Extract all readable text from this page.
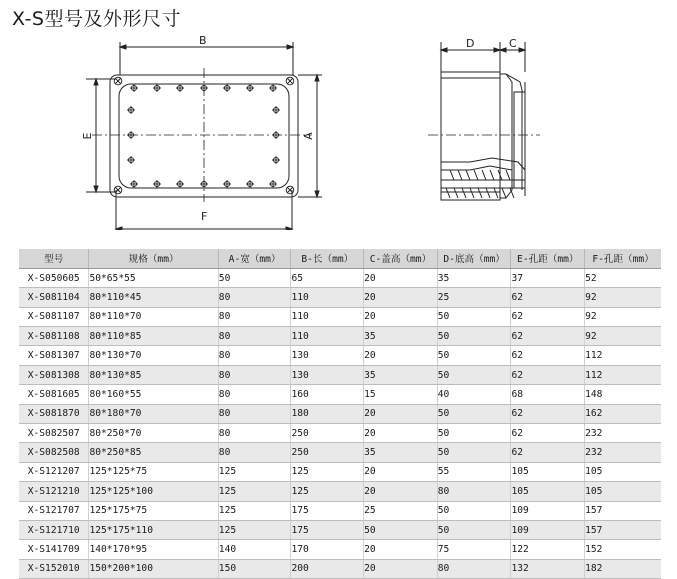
X-S型号及外形尺寸
B
F
D	C
A
E
型号	规格（mm）	A-宽（mm）	B-长（mm）	C-盖高（mm）	D-底高（mm）	E-孔距（mm）	F-孔距（mm）
X-S050605	50*65*55	50	65	20	35	37	52
X-S081104	80*110*45	80	110	20	25	62	92
X-S081107	80*110*70	80	110	20	50	62	92
X-S081108	80*110*85	80	110	35	50	62	92
X-S081307	80*130*70	80	130	20	50	62	112
X-S081308	80*130*85	80	130	35	50	62	112
X-S081605	80*160*55	80	160	15	40	68	148
X-S081870	80*180*70	80	180	20	50	62	162
X-S082507	80*250*70	80	250	20	50	62	232
X-S082508	80*250*85	80	250	35	50	62	232
X-S121207	125*125*75	125	125	20	55	105	105
X-S121210	125*125*100	125	125	20	80	105	105
X-S121707	125*175*75	125	175	25	50	109	157
X-S121710	125*175*110	125	175	50	50	109	157
X-S141709	140*170*95	140	170	20	75	122	152
X-S152010	150*200*100	150	200	20	80	132	182
